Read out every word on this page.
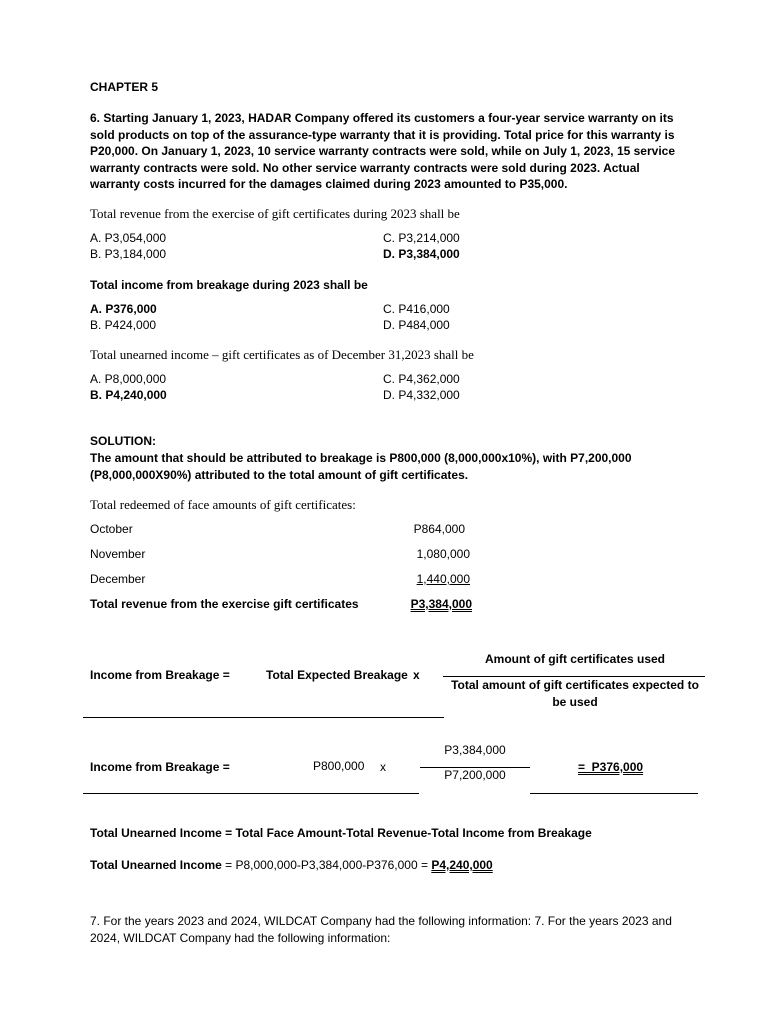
CHAPTER 5
6. Starting January 1, 2023, HADAR Company offered its customers a four-year service warranty on its sold products on top of the assurance-type warranty that it is providing. Total price for this warranty is P20,000. On January 1, 2023, 10 service warranty contracts were sold, while on July 1, 2023, 15 service warranty contracts were sold. No other service warranty contracts were sold during 2023. Actual warranty costs incurred for the damages claimed during 2023 amounted to P35,000.
Total revenue from the exercise of gift certificates during 2023 shall be
A. P3,054,000
B. P3,184,000
C. P3,214,000
D. P3,384,000
Total income from breakage during 2023 shall be
A. P376,000
B. P424,000
C. P416,000
D. P484,000
Total unearned income – gift certificates as of December 31,2023 shall be
A. P8,000,000
B. P4,240,000
C. P4,362,000
D. P4,332,000
SOLUTION:
The amount that should be attributed to breakage is P800,000 (8,000,000x10%), with P7,200,000 (P8,000,000X90%) attributed to the total amount of gift certificates.
Total redeemed of face amounts of gift certificates:
October	P864,000
November	1,080,000
December	1,440,000
Total revenue from the exercise gift certificates	P3,384,000
Income from Breakage =	Total Expected Breakage x
Amount of gift certificates used
Total amount of gift certificates expected to be used
Income from Breakage =	P800,000 x
P3,384,000
P7,200,000
=  P376,000
Total Unearned Income = Total Face Amount-Total Revenue-Total Income from Breakage
Total Unearned Income = P8,000,000-P3,384,000-P376,000 = P4,240,000
7. For the years 2023 and 2024, WILDCAT Company had the following information: 7. For the years 2023 and 2024, WILDCAT Company had the following information:
